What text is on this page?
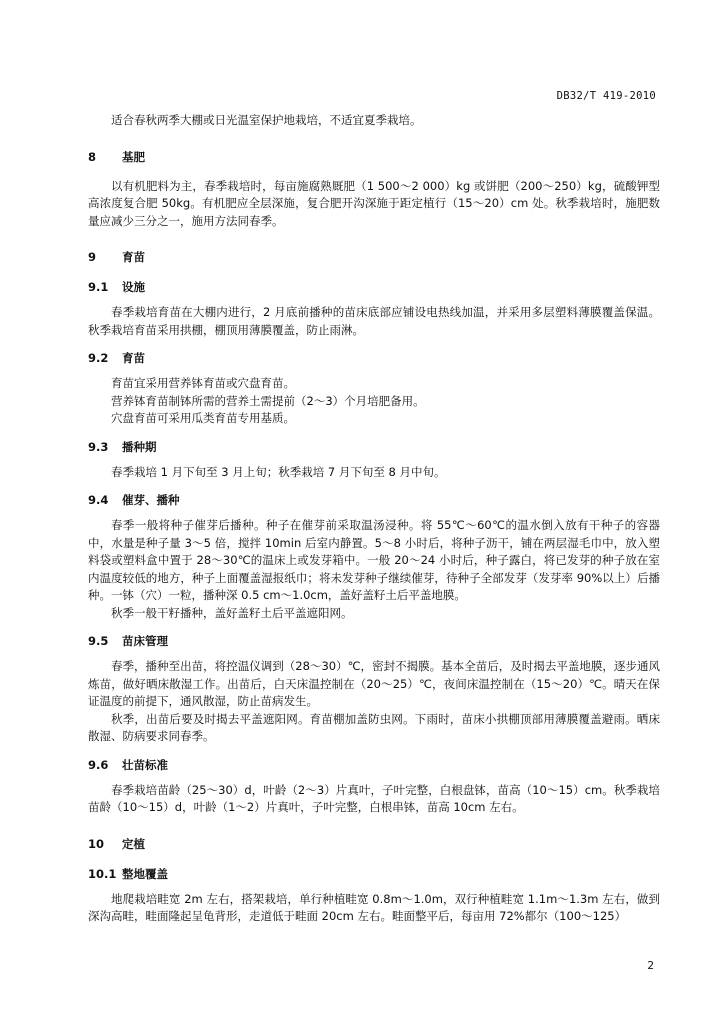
DB32/T 419-2010

适合春秋两季大棚或日光温室保护地栽培，不适宜夏季栽培。

8 基肥

以有机肥料为主，春季栽培时，每亩施腐熟厩肥（1 500～2 000）kg 或饼肥（200～250）kg，硫酸钾型高浓度复合肥 50kg。有机肥应全层深施，复合肥开沟深施于距定植行（15～20）cm 处。秋季栽培时，施肥数量应减少三分之一，施用方法同春季。

9 育苗
9.1 设施

春季栽培育苗在大棚内进行，2 月底前播种的苗床底部应铺设电热线加温，并采用多层塑料薄膜覆盖保温。秋季栽培育苗采用拱棚，棚顶用薄膜覆盖，防止雨淋。

9.2 育苗

育苗宜采用营养钵育苗或穴盘育苗。

营养钵育苗制钵所需的营养土需提前（2～3）个月培肥备用。

穴盘育苗可采用瓜类育苗专用基质。

9.3 播种期

春季栽培 1 月下旬至 3 月上旬；秋季栽培 7 月下旬至 8 月中旬。

9.4 催芽、播种

春季一般将种子催芽后播种。种子在催芽前采取温汤浸种。将 55℃～60℃的温水倒入放有干种子的容器中，水量是种子量 3～5 倍，搅拌 10min 后室内静置。5～8 小时后，将种子沥干，铺在两层湿毛巾中，放入塑料袋或塑料盒中置于 28～30℃的温床上或发芽箱中。一般 20～24 小时后，种子露白，将已发芽的种子放在室内温度较低的地方，种子上面覆盖湿报纸巾；将未发芽种子继续催芽，待种子全部发芽（发芽率 90%以上）后播种。一钵（穴）一粒，播种深 0.5 cm～1.0cm，盖好盖籽土后平盖地膜。

秋季一般干籽播种，盖好盖籽土后平盖遮阳网。

9.5 苗床管理

春季，播种至出苗，将控温仪调到（28～30）℃，密封不揭膜。基本全苗后，及时揭去平盖地膜，逐步通风炼苗，做好晒床散湿工作。出苗后，白天床温控制在（20～25）℃，夜间床温控制在（15～20）℃。晴天在保证温度的前提下，通风散湿，防止苗病发生。

秋季，出苗后要及时揭去平盖遮阳网。育苗棚加盖防虫网。下雨时，苗床小拱棚顶部用薄膜覆盖避雨。晒床散湿、防病要求同春季。

9.6 壮苗标准

春季栽培苗龄（25～30）d，叶龄（2～3）片真叶，子叶完整，白根盘钵，苗高（10～15）cm。秋季栽培苗龄（10～15）d，叶龄（1～2）片真叶，子叶完整，白根串钵，苗高 10cm 左右。

10 定植
10.1 整地覆盖

地爬栽培畦宽 2m 左右，搭架栽培，单行种植畦宽 0.8m～1.0m，双行种植畦宽 1.1m～1.3m 左右，做到深沟高畦，畦面隆起呈龟背形，走道低于畦面 20cm 左右。畦面整平后，每亩用 72%都尔（100～125）

2
